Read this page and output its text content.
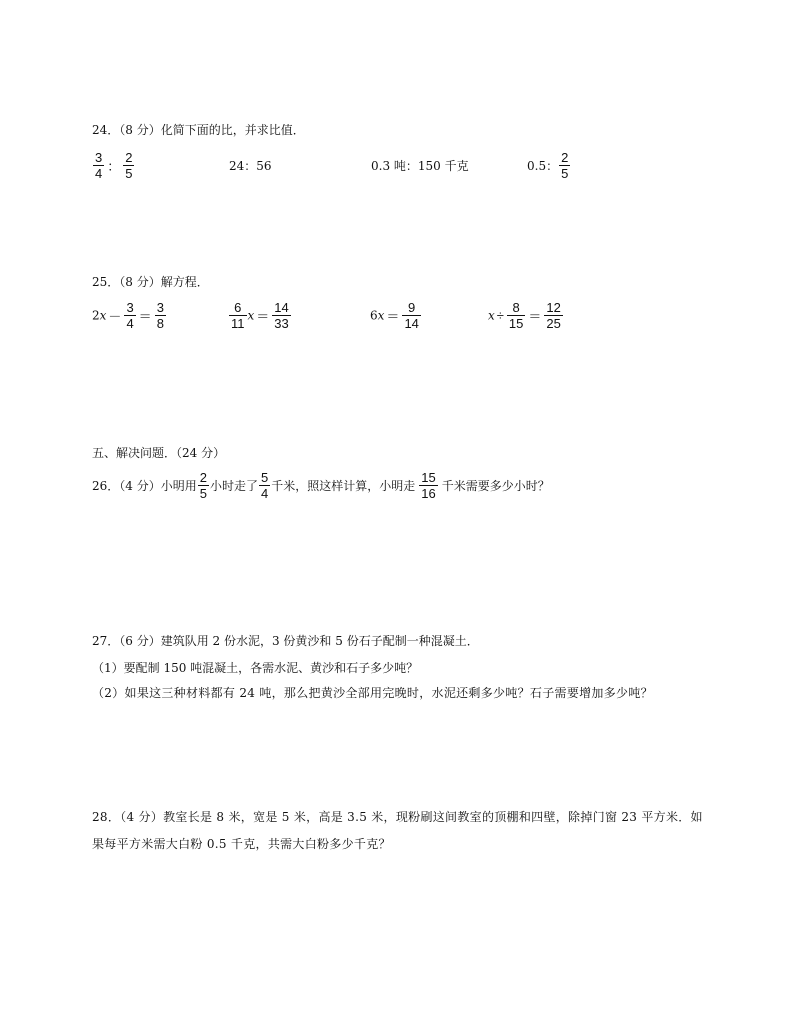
24．（8 分）化简下面的比，并求比值．
$\frac{3}{4}$ ： $\frac{2}{5}$	24：56	0.3 吨：150 千克	0.5： $\frac{2}{5}$
25．（8 分）解方程．
$2x - \frac{3}{4} = \frac{3}{8}$	$\frac{6}{11}$ $x = \frac{14}{33}$	$6x = \frac{9}{14}$	$x \div \frac{8}{15} = \frac{12}{25}$
五、解决问题．（24 分）
26．（4 分）小明用 $\frac{2}{5}$ 小时走了 $\frac{5}{4}$ 千米，照这样计算，小明走 $\frac{15}{16}$ 千米需要多少小时？
27．（6 分）建筑队用 2 份水泥，3 份黄沙和 5 份石子配制一种混凝土．
（1）要配制 150 吨混凝土，各需水泥、黄沙和石子多少吨？
（2）如果这三种材料都有 24 吨，那么把黄沙全部用完晚时，水泥还剩多少吨？石子需要增加多少吨？
28．（4 分）教室长是 8 米，宽是 5 米，高是 3.5 米，现粉刷这间教室的顶棚和四壁，除掉门窗 23 平方米．如果每平方米需大白粉 0.5 千克，共需大白粉多少千克？
